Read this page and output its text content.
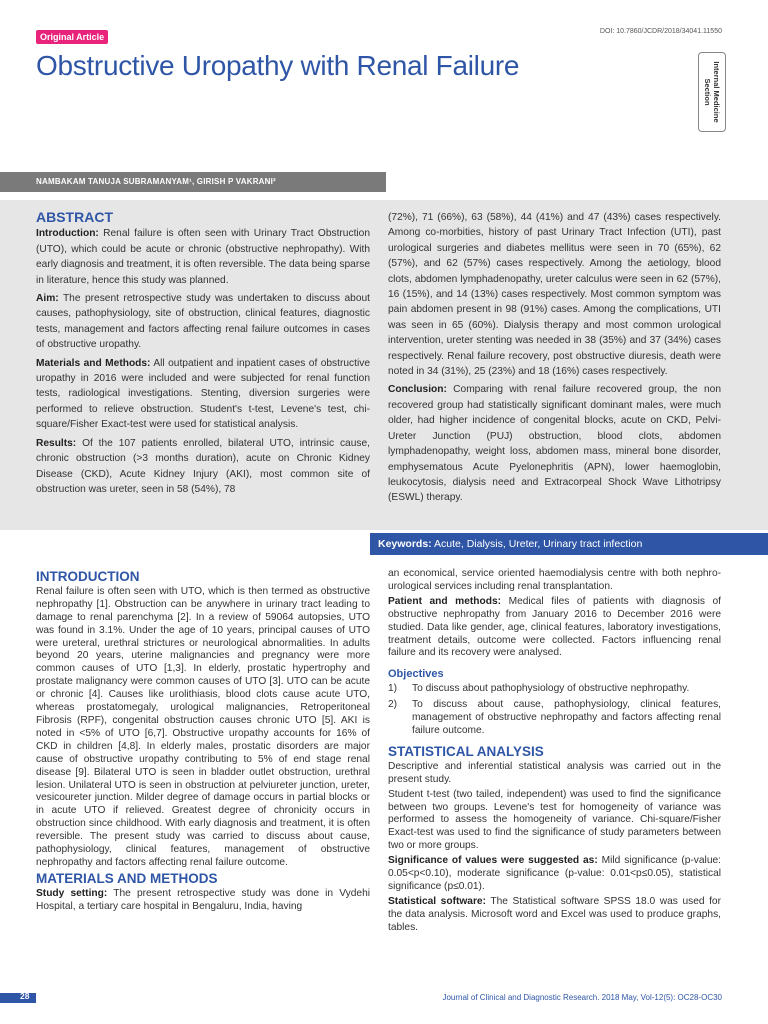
Original Article
DOI: 10.7860/JCDR/2018/34041.11550
Obstructive Uropathy with Renal Failure	Internal Medicine
Section
NAMBAKAM TANUJA SUBRAMANYAM¹, GIRISH P VAKRANI²
ABSTRACT

Introduction: Renal failure is often seen with Urinary Tract Obstruction (UTO), which could be acute or chronic (obstructive nephropathy). With early diagnosis and treatment, it is often reversible. The data being sparse in literature, hence this study was planned.

Aim: The present retrospective study was undertaken to discuss about causes, pathophysiology, site of obstruction, clinical features, diagnostic tests, management and factors affecting renal failure outcomes in cases of obstructive uropathy.

Materials and Methods: All outpatient and inpatient cases of obstructive uropathy in 2016 were included and were subjected for renal function tests, radiological investigations. Stenting, diversion surgeries were performed to relieve obstruction. Student's t-test, Levene's test, chi-square/Fisher Exact-test were used for statistical analysis.

Results: Of the 107 patients enrolled, bilateral UTO, intrinsic cause, chronic obstruction (>3 months duration), acute on Chronic Kidney Disease (CKD), Acute Kidney Injury (AKI), most common site of obstruction was ureter, seen in 58 (54%), 78

(72%), 71 (66%), 63 (58%), 44 (41%) and 47 (43%) cases respectively. Among co-morbities, history of past Urinary Tract Infection (UTI), past urological surgeries and diabetes mellitus were seen in 70 (65%), 62 (57%), and 62 (57%) cases respectively. Among the aetiology, blood clots, abdomen lymphadenopathy, ureter calculus were seen in 62 (57%), 16 (15%), and 14 (13%) cases respectively. Most common symptom was pain abdomen present in 98 (91%) cases. Among the complications, UTI was seen in 65 (60%). Dialysis therapy and most common urological intervention, ureter stenting was needed in 38 (35%) and 37 (34%) cases respectively. Renal failure recovery, post obstructive diuresis, death were noted in 34 (31%), 25 (23%) and 18 (16%) cases respectively.

Conclusion: Comparing with renal failure recovered group, the non recovered group had statistically significant dominant males, were much older, had higher incidence of congenital blocks, acute on CKD, Pelvi-Ureter Junction (PUJ) obstruction, blood clots, abdomen lymphadenopathy, weight loss, abdomen mass, mineral bone disorder, emphysematous Acute Pyelonephritis (APN), lower haemoglobin, leukocytosis, dialysis need and Extracorpeal Shock Wave Lithotripsy (ESWL) therapy.

Keywords: Acute, Dialysis, Ureter, Urinary tract infection
INTRODUCTION

Renal failure is often seen with UTO, which is then termed as obstructive nephropathy [1]. Obstruction can be anywhere in urinary tract leading to damage to renal parenchyma [2]. In a review of 59064 autopsies, UTO was found in 3.1%. Under the age of 10 years, principal causes of UTO were ureteral, urethral strictures or neurological abnormalities. In adults beyond 20 years, uterine malignancies and pregnancy were more common causes of UTO [1,3]. In elderly, prostatic hypertrophy and prostate malignancy were common causes of UTO [3]. UTO can be acute or chronic [4]. Causes like urolithiasis, blood clots cause acute UTO, whereas prostatomegaly, urological malignancies, Retroperitoneal Fibrosis (RPF), congenital obstruction causes chronic UTO [5]. AKI is noted in <5% of UTO [6,7]. Obstructive uropathy accounts for 16% of CKD in children [4,8]. In elderly males, prostatic disorders are major cause of obstructive uropathy contributing to 5% of end stage renal disease [9]. Bilateral UTO is seen in bladder outlet obstruction, urethral lesion. Unilateral UTO is seen in obstruction at pelviureter junction, ureter, vesicoureter junction. Milder degree of damage occurs in partial blocks or in acute UTO if relieved. Greatest degree of chronicity occurs in obstruction since childhood. With early diagnosis and treatment, it is often reversible. The present study was carried to discuss about cause, pathophysiology, clinical features, management of obstructive nephropathy and factors affecting renal failure outcome.

MATERIALS AND METHODS

Study setting: The present retrospective study was done in Vydehi Hospital, a tertiary care hospital in Bengaluru, India, having

an economical, service oriented haemodialysis centre with both nephro-urological services including renal transplantation.

Patient and methods: Medical files of patients with diagnosis of obstructive nephropathy from January 2016 to December 2016 were studied. Data like gender, age, clinical features, laboratory investigations, treatment details, outcome were collected. Factors influencing renal failure and its recovery were analysed.

Objectives
1)	To discuss about pathophysiology of obstructive nephropathy.
2)	To discuss about cause, pathophysiology, clinical features, management of obstructive nephropathy and factors affecting renal failure outcome.
STATISTICAL ANALYSIS

Descriptive and inferential statistical analysis was carried out in the present study.

Student t-test (two tailed, independent) was used to find the significance between two groups. Levene's test for homogeneity of variance was performed to assess the homogeneity of variance. Chi-square/Fisher Exact-test was used to find the significance of study parameters between two or more groups.

Significance of values were suggested as: Mild significance (p-value: 0.05<p<0.10), moderate significance (p-value: 0.01<p≤0.05), statistical significance (p≤0.01).

Statistical software: The Statistical software SPSS 18.0 was used for the data analysis. Microsoft word and Excel was used to produce graphs, tables.

28	Journal of Clinical and Diagnostic Research. 2018 May, Vol-12(5): OC28-OC30
